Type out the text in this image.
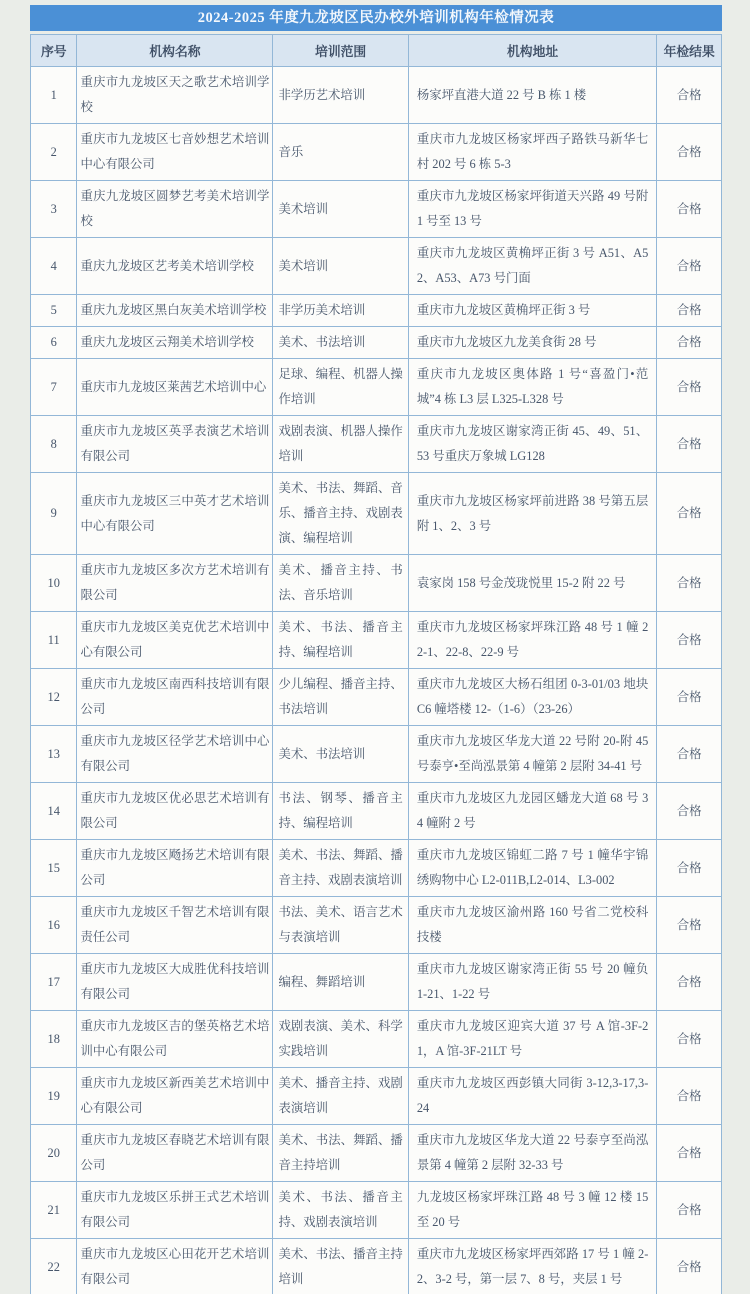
2024-2025 年度九龙坡区民办校外培训机构年检情况表
序号	机构名称	培训范围	机构地址	年检结果
1	重庆市九龙坡区天之歌艺术培训学校	非学历艺术培训	杨家坪直港大道 22 号 B 栋 1 楼	合格
2	重庆市九龙坡区七音妙想艺术培训中心有限公司	音乐	重庆市九龙坡区杨家坪西子路铁马新华七村 202 号 6 栋 5-3	合格
3	重庆九龙坡区圆梦艺考美术培训学校	美术培训	重庆市九龙坡区杨家坪街道天兴路 49 号附 1 号至 13 号	合格
4	重庆九龙坡区艺考美术培训学校	美术培训	重庆市九龙坡区黄桷坪正街 3 号 A51、A52、A53、A73 号门面	合格
5	重庆九龙坡区黑白灰美术培训学校	非学历美术培训	重庆市九龙坡区黄桷坪正街 3 号	合格
6	重庆九龙坡区云翔美术培训学校	美术、书法培训	重庆市九龙坡区九龙美食街 28 号	合格
7	重庆市九龙坡区莱茜艺术培训中心	足球、编程、机器人操作培训	重庆市九龙坡区奥体路 1 号“喜盈门•范城”4 栋 L3 层 L325-L328 号	合格
8	重庆市九龙坡区英孚表演艺术培训有限公司	戏剧表演、机器人操作培训	重庆市九龙坡区谢家湾正街 45、49、51、53 号重庆万象城 LG128	合格
9	重庆市九龙坡区三中英才艺术培训中心有限公司	美术、书法、舞蹈、音乐、播音主持、戏剧表演、编程培训	重庆市九龙坡区杨家坪前进路 38 号第五层附 1、2、3 号	合格
10	重庆市九龙坡区多次方艺术培训有限公司	美术、播音主持、书法、音乐培训	袁家岗 158 号金茂珑悦里 15-2 附 22 号	合格
11	重庆市九龙坡区美克优艺术培训中心有限公司	美术、书法、播音主持、编程培训	重庆市九龙坡区杨家坪珠江路 48 号 1 幢 22-1、22-8、22-9 号	合格
12	重庆市九龙坡区南西科技培训有限公司	少儿编程、播音主持、书法培训	重庆市九龙坡区大杨石组团 0-3-01/03 地块 C6 幢塔楼 12-（1-6）（23-26）	合格
13	重庆市九龙坡区径学艺术培训中心有限公司	美术、书法培训	重庆市九龙坡区华龙大道 22 号附 20-附 45 号泰亨•至尚泓景第 4 幢第 2 层附 34-41 号	合格
14	重庆市九龙坡区优必思艺术培训有限公司	书法、钢琴、播音主持、编程培训	重庆市九龙坡区九龙园区蟠龙大道 68 号 34 幢附 2 号	合格
15	重庆市九龙坡区飏扬艺术培训有限公司	美术、书法、舞蹈、播音主持、戏剧表演培训	重庆市九龙坡区锦虹二路 7 号 1 幢华宇锦绣购物中心 L2-011B,L2-014、L3-002	合格
16	重庆市九龙坡区千智艺术培训有限责任公司	书法、美术、语言艺术与表演培训	重庆市九龙坡区渝州路 160 号省二党校科技楼	合格
17	重庆市九龙坡区大成胜优科技培训有限公司	编程、舞蹈培训	重庆市九龙坡区谢家湾正街 55 号 20 幢负 1-21、1-22 号	合格
18	重庆市九龙坡区吉的堡英格艺术培训中心有限公司	戏剧表演、美术、科学实践培训	重庆市九龙坡区迎宾大道 37 号 A 馆-3F-21，A 馆-3F-21LT 号	合格
19	重庆市九龙坡区新西美艺术培训中心有限公司	美术、播音主持、戏剧表演培训	重庆市九龙坡区西彭镇大同街 3-12,3-17,3-24	合格
20	重庆市九龙坡区春晓艺术培训有限公司	美术、书法、舞蹈、播音主持培训	重庆市九龙坡区华龙大道 22 号泰亨至尚泓景第 4 幢第 2 层附 32-33 号	合格
21	重庆市九龙坡区乐拼王式艺术培训有限公司	美术、书法、播音主持、戏剧表演培训	九龙坡区杨家坪珠江路 48 号 3 幢 12 楼 15 至 20 号	合格
22	重庆市九龙坡区心田花开艺术培训有限公司	美术、书法、播音主持培训	重庆市九龙坡区杨家坪西郊路 17 号 1 幢 2-2、3-2 号，第一层 7、8 号，夹层 1 号	合格
